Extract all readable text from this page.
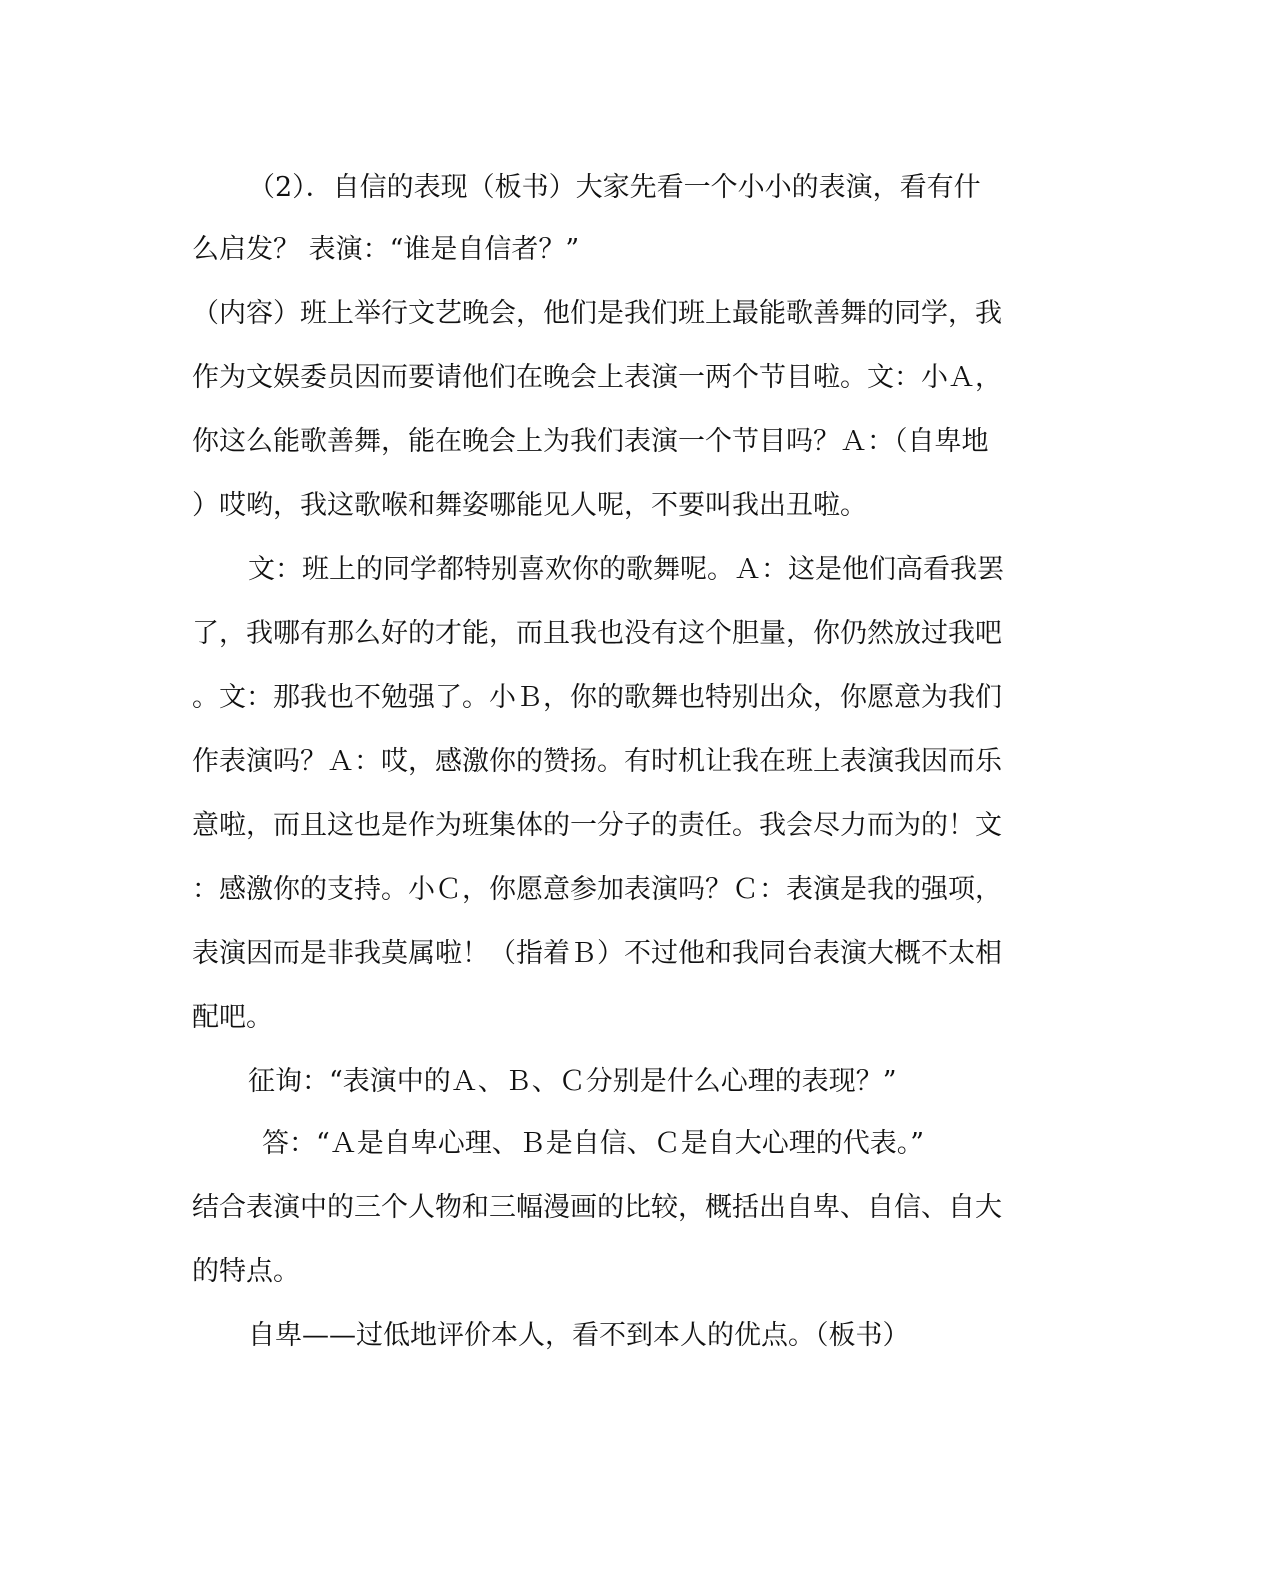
（2）．自信的表现（板书）大家先看一个小小的表演，看有什
么启发？ 表演：“谁是自信者？”
（内容）班上举行文艺晚会，他们是我们班上最能歌善舞的同学，我
作为文娱委员因而要请他们在晚会上表演一两个节目啦。文：小Ａ，
你这么能歌善舞，能在晚会上为我们表演一个节目吗？Ａ：（自卑地
）哎哟，我这歌喉和舞姿哪能见人呢，不要叫我出丑啦。
文：班上的同学都特别喜欢你的歌舞呢。Ａ：这是他们高看我罢
了，我哪有那么好的才能，而且我也没有这个胆量，你仍然放过我吧
。文：那我也不勉强了。小Ｂ，你的歌舞也特别出众，你愿意为我们
作表演吗？Ａ：哎，感激你的赞扬。有时机让我在班上表演我因而乐
意啦，而且这也是作为班集体的一分子的责任。我会尽力而为的！文
：感激你的支持。小Ｃ，你愿意参加表演吗？Ｃ：表演是我的强项，
表演因而是非我莫属啦！（指着Ｂ）不过他和我同台表演大概不太相
配吧。
征询：“表演中的Ａ、Ｂ、Ｃ分别是什么心理的表现？”
答：“Ａ是自卑心理、Ｂ是自信、Ｃ是自大心理的代表。”
结合表演中的三个人物和三幅漫画的比较，概括出自卑、自信、自大
的特点。
自卑——过低地评价本人，看不到本人的优点。（板书）
